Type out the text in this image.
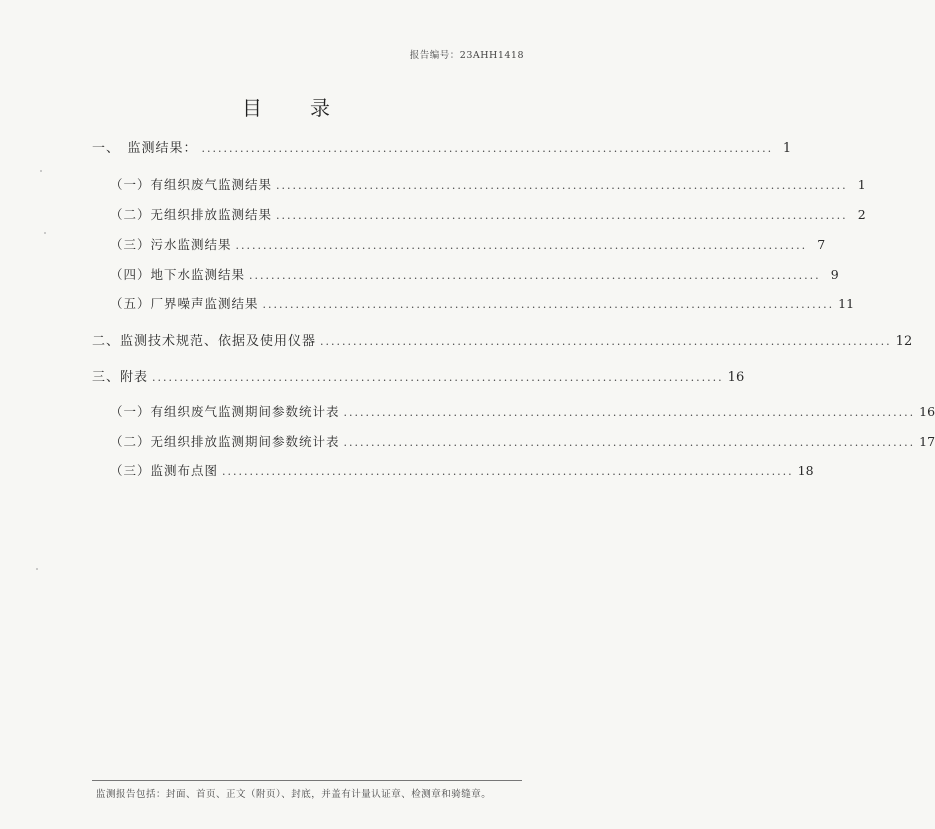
报告编号：23AHH1418
目　录
一、　监测结果： ........................................................................................................ 1
（一）有组织废气监测结果 ........................................................................................................ 1
（二）无组织排放监测结果 ........................................................................................................ 2
（三）污水监测结果 ........................................................................................................ 7
（四）地下水监测结果 ........................................................................................................ 9
（五）厂界噪声监测结果 ........................................................................................................ 11
二、监测技术规范、依据及使用仪器 ........................................................................................................ 12
三、附表 ........................................................................................................ 16
（一）有组织废气监测期间参数统计表 ........................................................................................................ 16
（二）无组织排放监测期间参数统计表 ........................................................................................................ 17
（三）监测布点图 ........................................................................................................ 18
监测报告包括：封面、首页、正文（附页）、封底，并盖有计量认证章、检测章和骑缝章。
